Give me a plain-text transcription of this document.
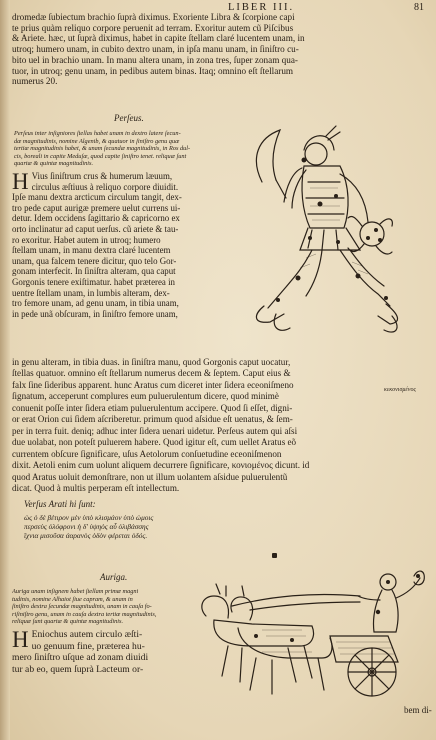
LIBER III.	81
dromedæ ſubiectum brachio ſuprà diximus. Exoriente Libra & ſcorpione capi
te prius quàm reliquo corpore peruenit ad terram. Exoritur autem cũ Piſcibus
& Ariete. hæc, ut ſuprà diximus, habet in capite ſtellam claré lucentem unam, in
utroq; humero unam, in cubito dextro unam, in ipſa manu unam, in ſiniſtro cu-
bito uel in brachio unam. In manu altera unam, in zona tres, ſuper zonam qua-
tuor, in utroq; genu unam, in pedibus autem binas. Itaq; omnino eſt ſtellarum
numerus 20.
Perſeus.
Perſeus inter inſigniores ſtellas habet unam in dextro latere ſecun-
dæ magnitudinis, nomine Algenib, & quatuor in ſiniſtro genu quæ
tertiæ magnitudinis habet, & unam ſecundæ magnitudinis, in Ros dul-
cis, boreali in capite Meduſæ, quod capite ſiniſtro tenet. reliquæ ſunt
quartæ & quintæ magnitudinis.
H Vius ſiniſtrum crus & humerum læuum,
circulus æſtiuus à reliquo corpore diuidit.
Ipſe manu dextra arcticum circulum tangit, dex-
tro pede caput aurigæ premere uelut currens ui-
detur. Idem occidens ſagittario & capricorno ex
orto inclinatur ad caput uerſus. cũ ariete & tau-
ro exoritur. Habet autem in utroq; humero
ſtellam unam, in manu dextra claré lucentem
unam, qua falcem tenere dicitur, quo telo Gor-
gonam interfecit. In ſiniſtra alteram, qua caput
Gorgonis tenere exiſtimatur. habet præterea in
uentre ſtellam unam, in lumbis alteram, dex-
tro femore unam, ad genu unam, in tibia unam,
in pede unã obſcuram, in ſiniſtro femore unam,
in genu alteram, in tibia duas. in ſiniſtra manu, quod Gorgonis caput uocatur,
ſtellas quatuor. omnino eſt ſtellarum numerus decem & ſeptem. Caput eius &
falx ſine ſideribus apparent. hunc Aratus cum diceret inter ſidera eceoniſmeno
ſignatum, acceperunt complures eum puluerulentum dicere, quod minimè
conuenit poſſe inter ſidera etiam puluerulentum accipere. Quod ſi eſſet, digni-
or erat Orion cui ſidem aſcriberetur. primum quod aſsidue eſt uenatus, & ſem-
per in terra fuit. deniq; adhuc inter ſidera uenari uidetur. Perſeus autem qui aſsi
due uolabat, non poteſt puluerem habere. Quod igitur eſt, cum uellet Aratus eõ
currentem obſcure ſignificare, uſus Aetolorum conſuetudine eceoniſmenon
dixit. Aetoli enim cum uolunt aliquem decurrere ſignificare, κονιομένος dicunt. id
quod Aratus uoluit demonſtrare, non ut illum uolantem aſsidue puluerulentũ
dicat. Quod à multis perperam eſt intellectum.
κεκονισμένος
Verſus Arati hi ſunt:
ὡς ὁ δὲ βέτιρον μὲν ὑπὸ κλισμάον ὑπὸ ὠμοις
περσεὺς ὀλόφρονι ἡ δ' ὑψηὸς αὖ ὀλιβάσσης
ἴχνια μισοῦσα ἀαρανὸς ὁδὸν φέρεται ὁδός.
Auriga.
Auriga unam inſignem habet ſtellam primæ magni
tudinis, nomine Alhaiot ſiue capram, & unam in
ſiniſtro dextra ſecundæ magnitudinis, unam in cauſa fo-
riſiniſtro genu, unam in cauſa dextra tertiæ magnitudinis,
reliquæ ſunt quartæ & quintæ magnitudinis.
H Eniochus autem circulo æſti-
uo genuum fine, præterea hu-
mero ſiniſtro uſque ad zonam diuidi
tur ab eo, quem ſuprà Lacteum or-
bem di-
